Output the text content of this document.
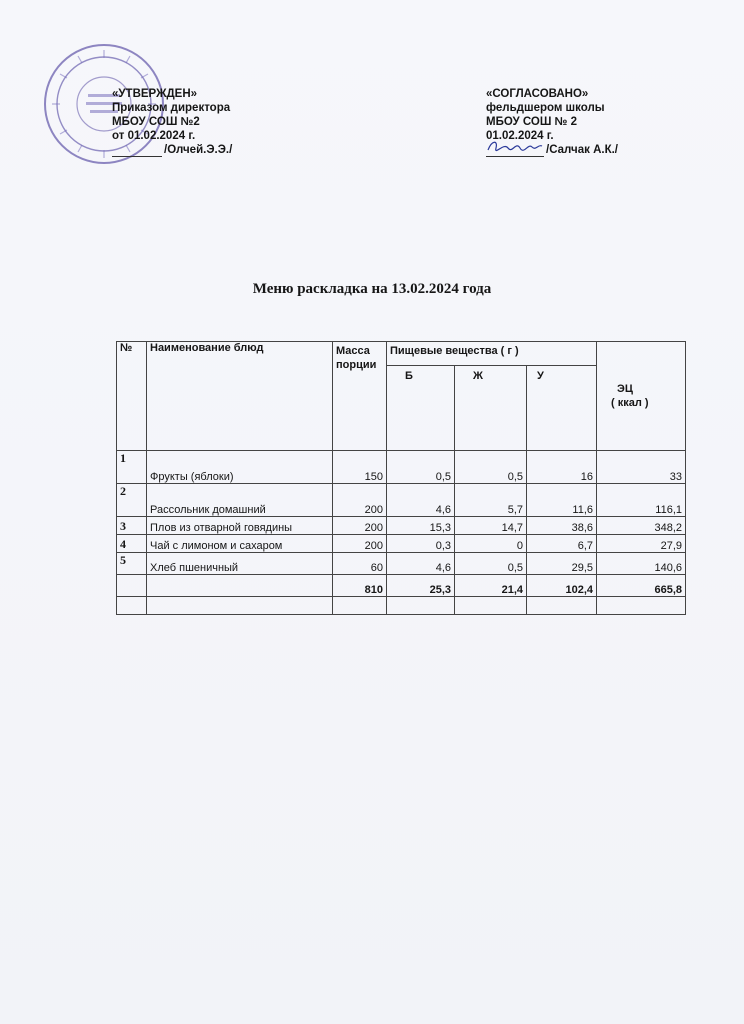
«УТВЕРЖДЕН»
Приказом директора
МБОУ СОШ №2
от 01.02.2024 г.
/Олчей.Э.Э./
«СОГЛАСОВАНО»
фельдшером школы
МБОУ СОШ № 2
01.02.2024 г.
/Салчак А.К./
Меню раскладка на 13.02.2024 года
№	Наименование блюд	Масса порции	Пищевые вещества ( г )			ЭЦ
( ккал )

			Б	Ж	У	
1	Фрукты (яблоки)	150	0,5	0,5	16	33
2	Рассольник домашний	200	4,6	5,7	11,6	116,1
3	Плов из отварной говядины	200	15,3	14,7	38,6	348,2
4	Чай с лимоном и сахаром	200	0,3	0	6,7	27,9
5	Хлеб пшеничный	60	4,6	0,5	29,5	140,6
		810	25,3	21,4	102,4	665,8
